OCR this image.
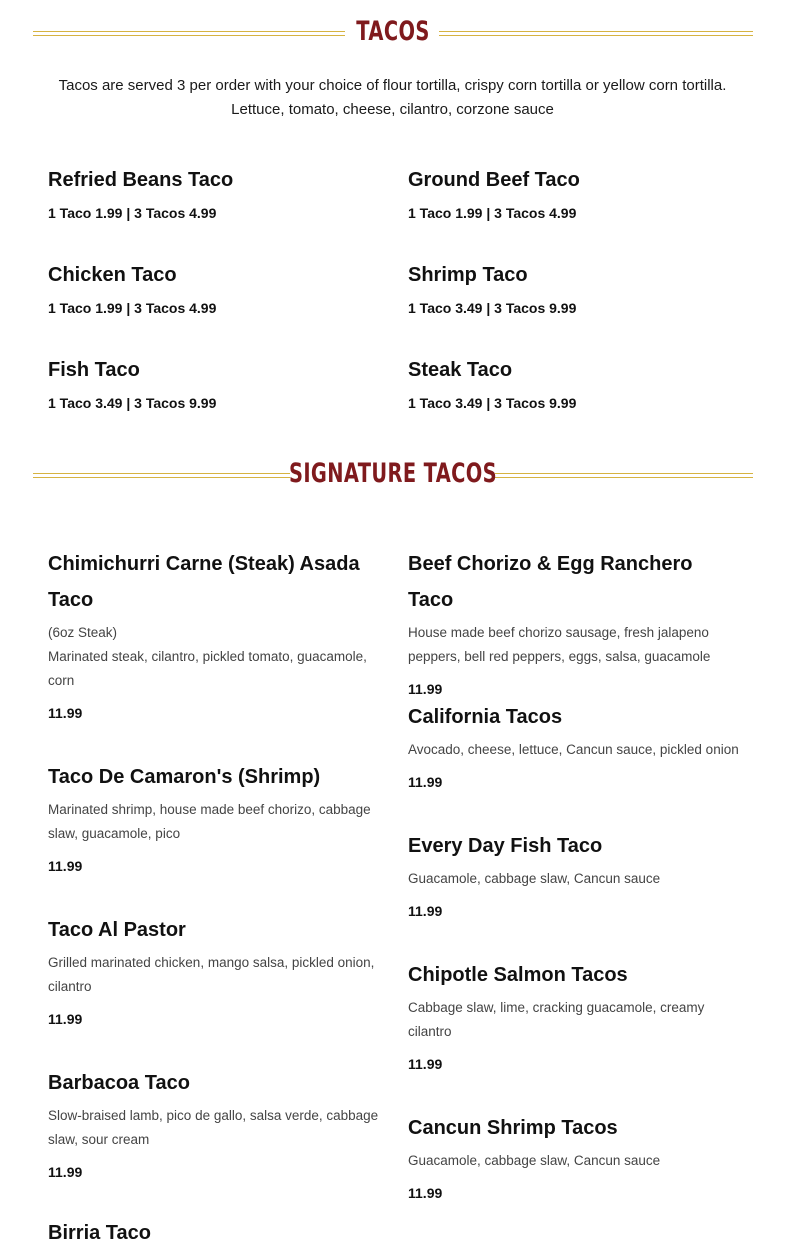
TACOS
Tacos are served 3 per order with your choice of flour tortilla, crispy corn tortilla or yellow corn tortilla.
Lettuce, tomato, cheese, cilantro, corzone sauce
Refried Beans Taco
1 Taco 1.99 | 3 Tacos 4.99
Ground Beef Taco
1 Taco 1.99 | 3 Tacos 4.99
Chicken Taco
1 Taco 1.99 | 3 Tacos 4.99
Shrimp Taco
1 Taco 3.49 | 3 Tacos 9.99
Fish Taco
1 Taco 3.49 | 3 Tacos 9.99
Steak Taco
1 Taco 3.49 | 3 Tacos 9.99
SIGNATURE TACOS
Chimichurri Carne (Steak) Asada
Taco
(6oz Steak)
Marinated steak, cilantro, pickled tomato, guacamole, corn
11.99
Taco De Camaron's (Shrimp)
Marinated shrimp, house made beef chorizo, cabbage slaw, guacamole, pico
11.99
Taco Al Pastor
Grilled marinated chicken, mango salsa, pickled onion, cilantro
11.99
Barbacoa Taco
Slow-braised lamb, pico de gallo, salsa verde, cabbage slaw, sour cream
11.99
Birria Taco
Beef Chorizo & Egg Ranchero Taco
House made beef chorizo sausage, fresh jalapeno peppers, bell red peppers, eggs, salsa, guacamole
11.99
California Tacos
Avocado, cheese, lettuce, Cancun sauce, pickled onion
11.99
Every Day Fish Taco
Guacamole, cabbage slaw, Cancun sauce
11.99
Chipotle Salmon Tacos
Cabbage slaw, lime, cracking guacamole, creamy cilantro
11.99
Cancun Shrimp Tacos
Guacamole, cabbage slaw, Cancun sauce
11.99
